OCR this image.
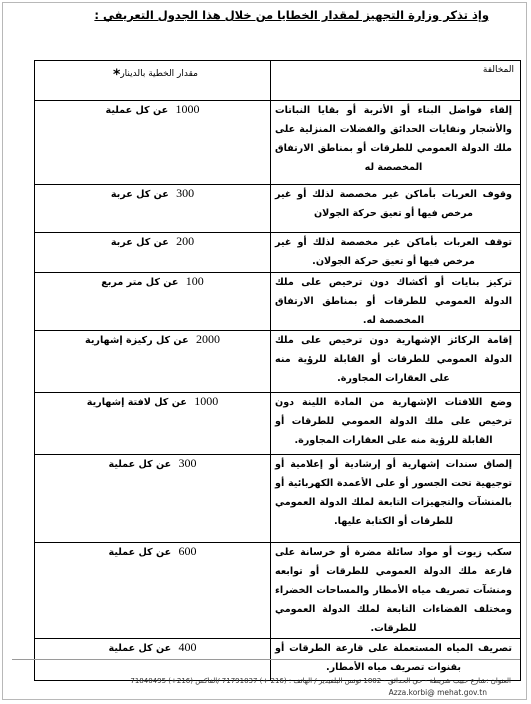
وإذ تذكر وزارة التجهيز لمقدار الخطايا من خلال هذا الجدول التعريفي :
المخالفة	مقدار الخطية بالدينار*
إلقاء فواضل البناء أو الأتربة أو بقايا النباتات والأشجار ونفايات الحدائق والفضلات المنزلية على ملك الدولة العمومي للطرقات أو بمناطق الارتفاق المخصصة له	1000 عن كل عملية
وقوف العربات بأماكن غير مخصصة لذلك أو غير مرخص فيها أو تعيق حركة الجولان	300 عن كل عربة
توقف العربات بأماكن غير مخصصة لذلك أو غير مرخص فيها أو تعيق حركة الجولان.	200 عن كل عربة
تركيز بنايات أو أكشاك دون ترخيص على ملك الدولة العمومي للطرقات أو بمناطق الارتفاق المخصصة له.	100 عن كل متر مربع
إقامة الركائز الإشهارية دون ترخيص على ملك الدولة العمومي للطرقات أو القابلة للرؤية منه على العقارات المجاورة.	2000 عن كل ركيزة إشهارية
وضع اللافتات الإشهارية من المادة اللينة دون ترخيص على ملك الدولة العمومي للطرقات أو القابلة للرؤية منه على العقارات المجاورة.	1000 عن كل لافتة إشهارية
إلصاق سندات إشهارية أو إرشادية أو إعلامية أو توجيهية تحت الجسور أو على الأعمدة الكهربائية أو بالمنشآت والتجهيزات التابعة لملك الدولة العمومي للطرقات أو الكتابة عليها.	300 عن كل عملية
سكب زيوت أو مواد سائلة مضرة أو خرسانة على قارعة ملك الدولة العمومي للطرقات أو توابعه ومنشآت تصريف مياه الأمطار والمساحات الخضراء ومختلف الفضاءات التابعة لملك الدولة العمومي للطرقات.	600 عن كل عملية
تصريف المياه المستعملة على قارعة الطرقات أو بقنوات تصريف مياه الأمطار.	400 عن كل عملية
العنوان :شارع حبيب شريطة - حي الحدائق - 1002 تونس البلفيدير / الهاتف : (216 +) 71791037 /الفاكس (216+) 71840495
Azza.korbi@ mehat.gov.tn
